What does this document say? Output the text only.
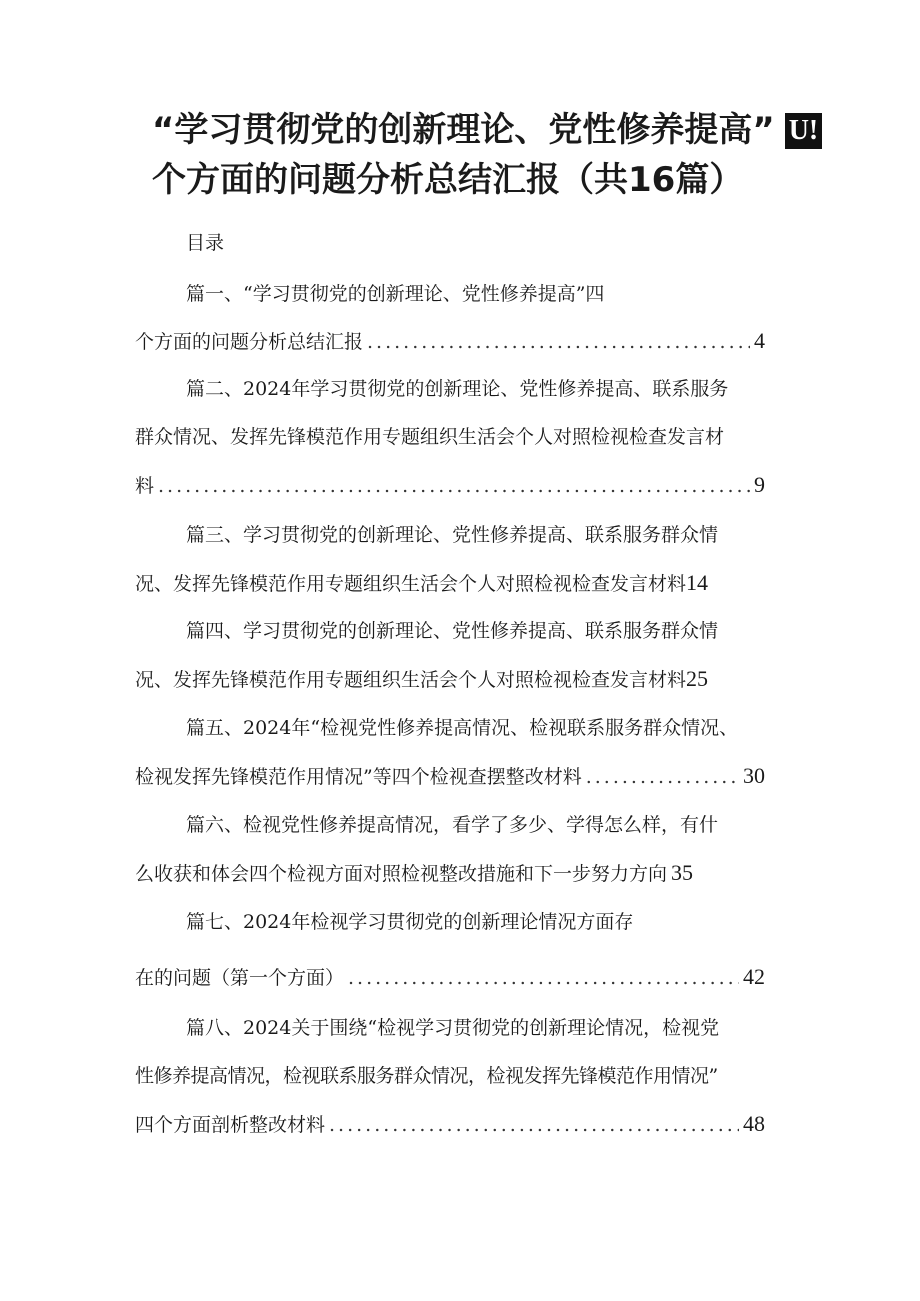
“学习贯彻党的创新理论、党性修养提高” U!
个方面的问题分析总结汇报（共16篇）
目录
篇一、“学习贯彻党的创新理论、党性修养提高”四
个方面的问题分析总结汇报 .....	4
篇二、2024年学习贯彻党的创新理论、党性修养提高、联系服务
群众情况、发挥先锋模范作用专题组织生活会个人对照检视检查发言材
料 .....	9
篇三、学习贯彻党的创新理论、党性修养提高、联系服务群众情
况、发挥先锋模范作用专题组织生活会个人对照检视检查发言材料14
篇四、学习贯彻党的创新理论、党性修养提高、联系服务群众情
况、发挥先锋模范作用专题组织生活会个人对照检视检查发言材料25
篇五、2024年“检视党性修养提高情况、检视联系服务群众情况、
检视发挥先锋模范作用情况”等四个检视查摆整改材料 .....	30
篇六、检视党性修养提高情况，看学了多少、学得怎么样，有什
么收获和体会四个检视方面对照检视整改措施和下一步努力方向 35
篇七、2024年检视学习贯彻党的创新理论情况方面存
在的问题（第一个方面） .....	42
篇八、2024关于围绕“检视学习贯彻党的创新理论情况，检视党
性修养提高情况，检视联系服务群众情况，检视发挥先锋模范作用情况”
四个方面剖析整改材料 .....	48
